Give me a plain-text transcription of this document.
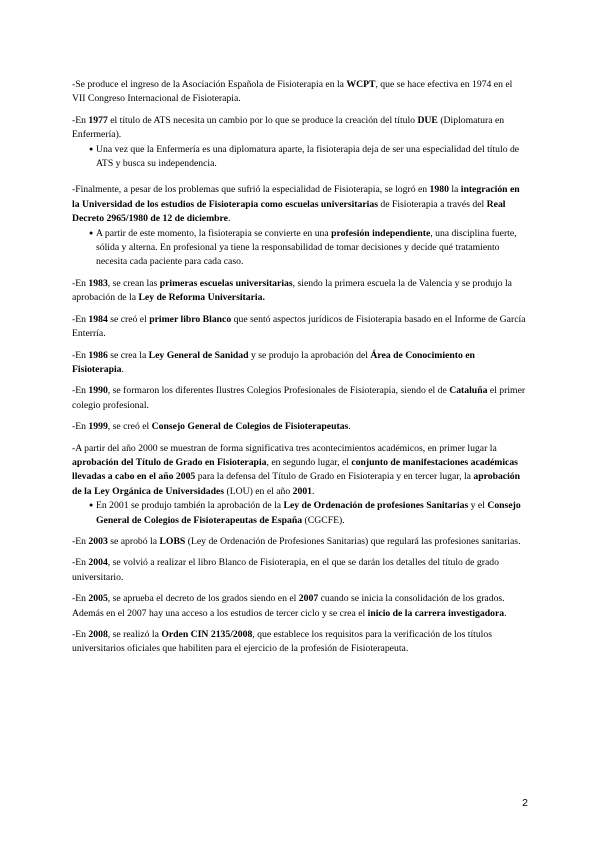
-Se produce el ingreso de la Asociación Española de Fisioterapia en la WCPT, que se hace efectiva en 1974 en el VII Congreso Internacional de Fisioterapia.

-En 1977 el título de ATS necesita un cambio por lo que se produce la creación del título DUE (Diplomatura en Enfermería).

●
Una vez que la Enfermería es una diplomatura aparte, la fisioterapia deja de ser una especialidad del título de ATS y busca su independencia.

-Finalmente, a pesar de los problemas que sufrió la especialidad de Fisioterapia, se logró en 1980 la integración en la Universidad de los estudios de Fisioterapia como escuelas universitarias de Fisioterapia a través del Real Decreto 2965/1980 de 12 de diciembre.

●
A partir de este momento, la fisioterapia se convierte en una profesión independiente, una disciplina fuerte, sólida y alterna. En profesional ya tiene la responsabilidad de tomar decisiones y decide qué tratamiento necesita cada paciente para cada caso.

-En 1983, se crean las primeras escuelas universitarias, siendo la primera escuela la de Valencia y se produjo la aprobación de la Ley de Reforma Universitaria.

-En 1984 se creó el primer libro Blanco que sentó aspectos jurídicos de Fisioterapia basado en el Informe de García Enterría.

-En 1986 se crea la Ley General de Sanidad y se produjo la aprobación del Área de Conocimiento en Fisioterapia.

-En 1990, se formaron los diferentes Ilustres Colegios Profesionales de Fisioterapia, siendo el de Cataluña el primer colegio profesional.

-En 1999, se creó el Consejo General de Colegios de Fisioterapeutas.

-A partir del año 2000 se muestran de forma significativa tres acontecimientos académicos, en primer lugar la aprobación del Título de Grado en Fisioterapia, en segundo lugar, el conjunto de manifestaciones académicas llevadas a cabo en el año 2005 para la defensa del Título de Grado en Fisioterapia y en tercer lugar, la aprobación de la Ley Orgánica de Universidades (LOU) en el año 2001.

●
En 2001 se produjo también la aprobación de la Ley de Ordenación de profesiones Sanitarias y el Consejo General de Colegios de Fisioterapeutas de España (CGCFE).

-En 2003 se aprobó la LOBS (Ley de Ordenación de Profesiones Sanitarias) que regulará las profesiones sanitarias.

-En 2004, se volvió a realizar el libro Blanco de Fisioterapia, en el que se darán los detalles del título de grado universitario.

-En 2005, se aprueba el decreto de los grados siendo en el 2007 cuando se inicia la consolidación de los grados. Además en el 2007 hay una acceso a los estudios de tercer ciclo y se crea el inicio de la carrera investigadora.

-En 2008, se realizó la Orden CIN 2135/2008, que establece los requisitos para la verificación de los títulos universitarios oficiales que habiliten para el ejercicio de la profesión de Fisioterapeuta.

2
